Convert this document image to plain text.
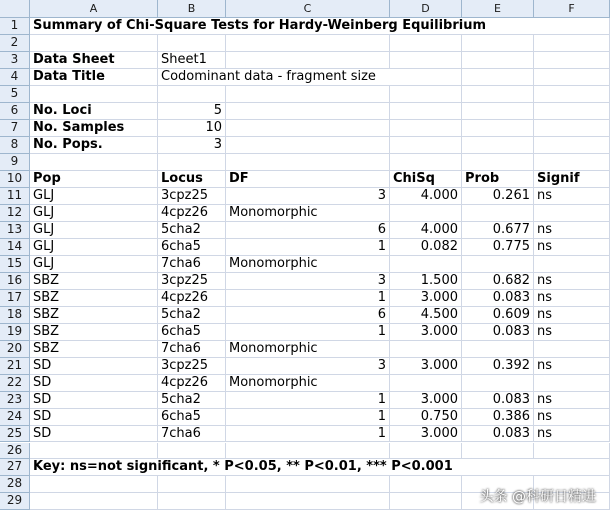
A	B	C	D	E	F
1	Summary of Chi-Square Tests for Hardy-Weinberg Equilibrium
2
3	Data Sheet	Sheet1
4	Data Title	Codominant data - fragment size
5
6	No. Loci	5
7	No. Samples	10
8	No. Pops.	3
9
10 Pop	Locus	DF	ChiSq	Prob	Signif
11 GLJ	3cpz25	3	4.000	0.261 ns
12 GLJ	4cpz26	Monomorphic
13 GLJ	5cha2	6	4.000	0.677 ns
14 GLJ	6cha5	1	0.082	0.775 ns
15 GLJ	7cha6	Monomorphic
16 SBZ	3cpz25	3	1.500	0.682 ns
17 SBZ	4cpz26	1	3.000	0.083 ns
18 SBZ	5cha2	6	4.500	0.609 ns
19 SBZ	6cha5	1	3.000	0.083 ns
20 SBZ	7cha6	Monomorphic
21 SD	3cpz25	3	3.000	0.392 ns
22 SD	4cpz26	Monomorphic
23 SD	5cha2	1	3.000	0.083 ns
24 SD	6cha5	1	0.750	0.386 ns
25 SD	7cha6	1	3.000	0.083 ns
26
27 Key: ns=not significant, * P<0.05, ** P<0.01, *** P<0.001
28
29	头条 @科研日精进
